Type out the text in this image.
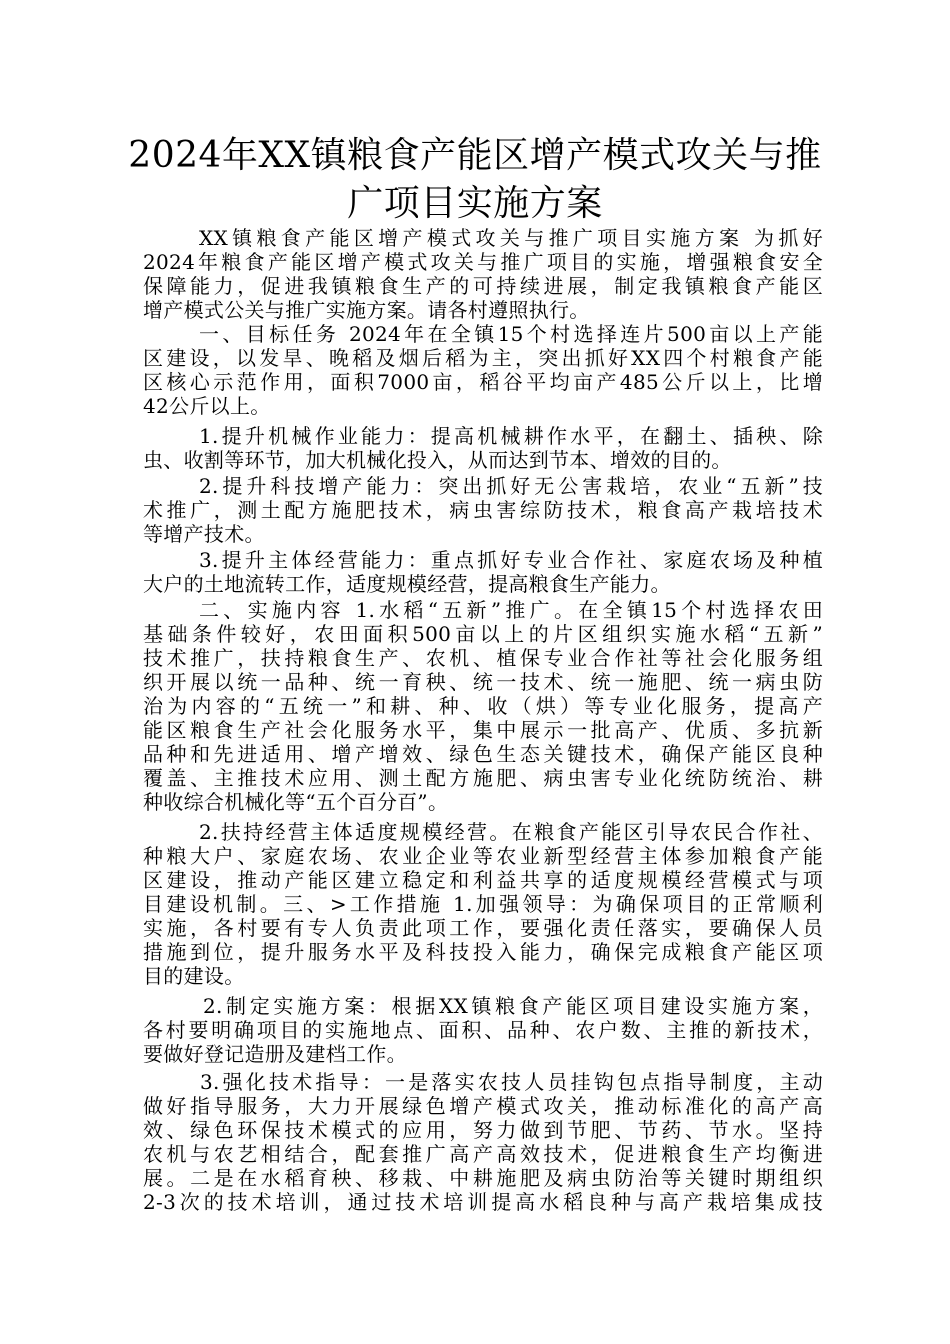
2024年XX镇粮食产能区增产模式攻关与推
广项目实施方案
XX镇粮食产能区增产模式攻关与推广项目实施方案 为抓好
2024年粮食产能区增产模式攻关与推广项目的实施，增强粮食安全
保障能力，促进我镇粮食生产的可持续进展，制定我镇粮食产能区
增产模式公关与推广实施方案。请各村遵照执行。
一、目标任务 2024年在全镇15个村选择连片500亩以上产能
区建设，以发旱、晚稻及烟后稻为主，突出抓好XX四个村粮食产能
区核心示范作用，面积7000亩，稻谷平均亩产485公斤以上，比增
42公斤以上。
1.提升机械作业能力：提高机械耕作水平，在翻土、插秧、除
虫、收割等环节，加大机械化投入，从而达到节本、增效的目的。
2.提升科技增产能力：突出抓好无公害栽培，农业“五新”技
术推广，测土配方施肥技术，病虫害综防技术，粮食高产栽培技术
等增产技术。
3.提升主体经营能力：重点抓好专业合作社、家庭农场及种植
大户的土地流转工作，适度规模经营，提高粮食生产能力。
二、实施内容 1.水稻“五新”推广。在全镇15个村选择农田
基础条件较好，农田面积500亩以上的片区组织实施水稻“五新”
技术推广，扶持粮食生产、农机、植保专业合作社等社会化服务组
织开展以统一品种、统一育秧、统一技术、统一施肥、统一病虫防
治为内容的“五统一”和耕、种、收（烘）等专业化服务，提高产
能区粮食生产社会化服务水平，集中展示一批高产、优质、多抗新
品种和先进适用、增产增效、绿色生态关键技术，确保产能区良种
覆盖、主推技术应用、测土配方施肥、病虫害专业化统防统治、耕
种收综合机械化等“五个百分百”。
2.扶持经营主体适度规模经营。在粮食产能区引导农民合作社、
种粮大户、家庭农场、农业企业等农业新型经营主体参加粮食产能
区建设，推动产能区建立稳定和利益共享的适度规模经营模式与项
目建设机制。三、>工作措施 1.加强领导：为确保项目的正常顺利
实施，各村要有专人负责此项工作，要强化责任落实，要确保人员
措施到位，提升服务水平及科技投入能力，确保完成粮食产能区项
目的建设。
2.制定实施方案：根据XX镇粮食产能区项目建设实施方案，
各村要明确项目的实施地点、面积、品种、农户数、主推的新技术，
要做好登记造册及建档工作。
3.强化技术指导：一是落实农技人员挂钩包点指导制度，主动
做好指导服务，大力开展绿色增产模式攻关，推动标准化的高产高
效、绿色环保技术模式的应用，努力做到节肥、节药、节水。坚持
农机与农艺相结合，配套推广高产高效技术，促进粮食生产均衡进
展。二是在水稻育秧、移栽、中耕施肥及病虫防治等关键时期组织
2-3次的技术培训，通过技术培训提高水稻良种与高产栽培集成技
